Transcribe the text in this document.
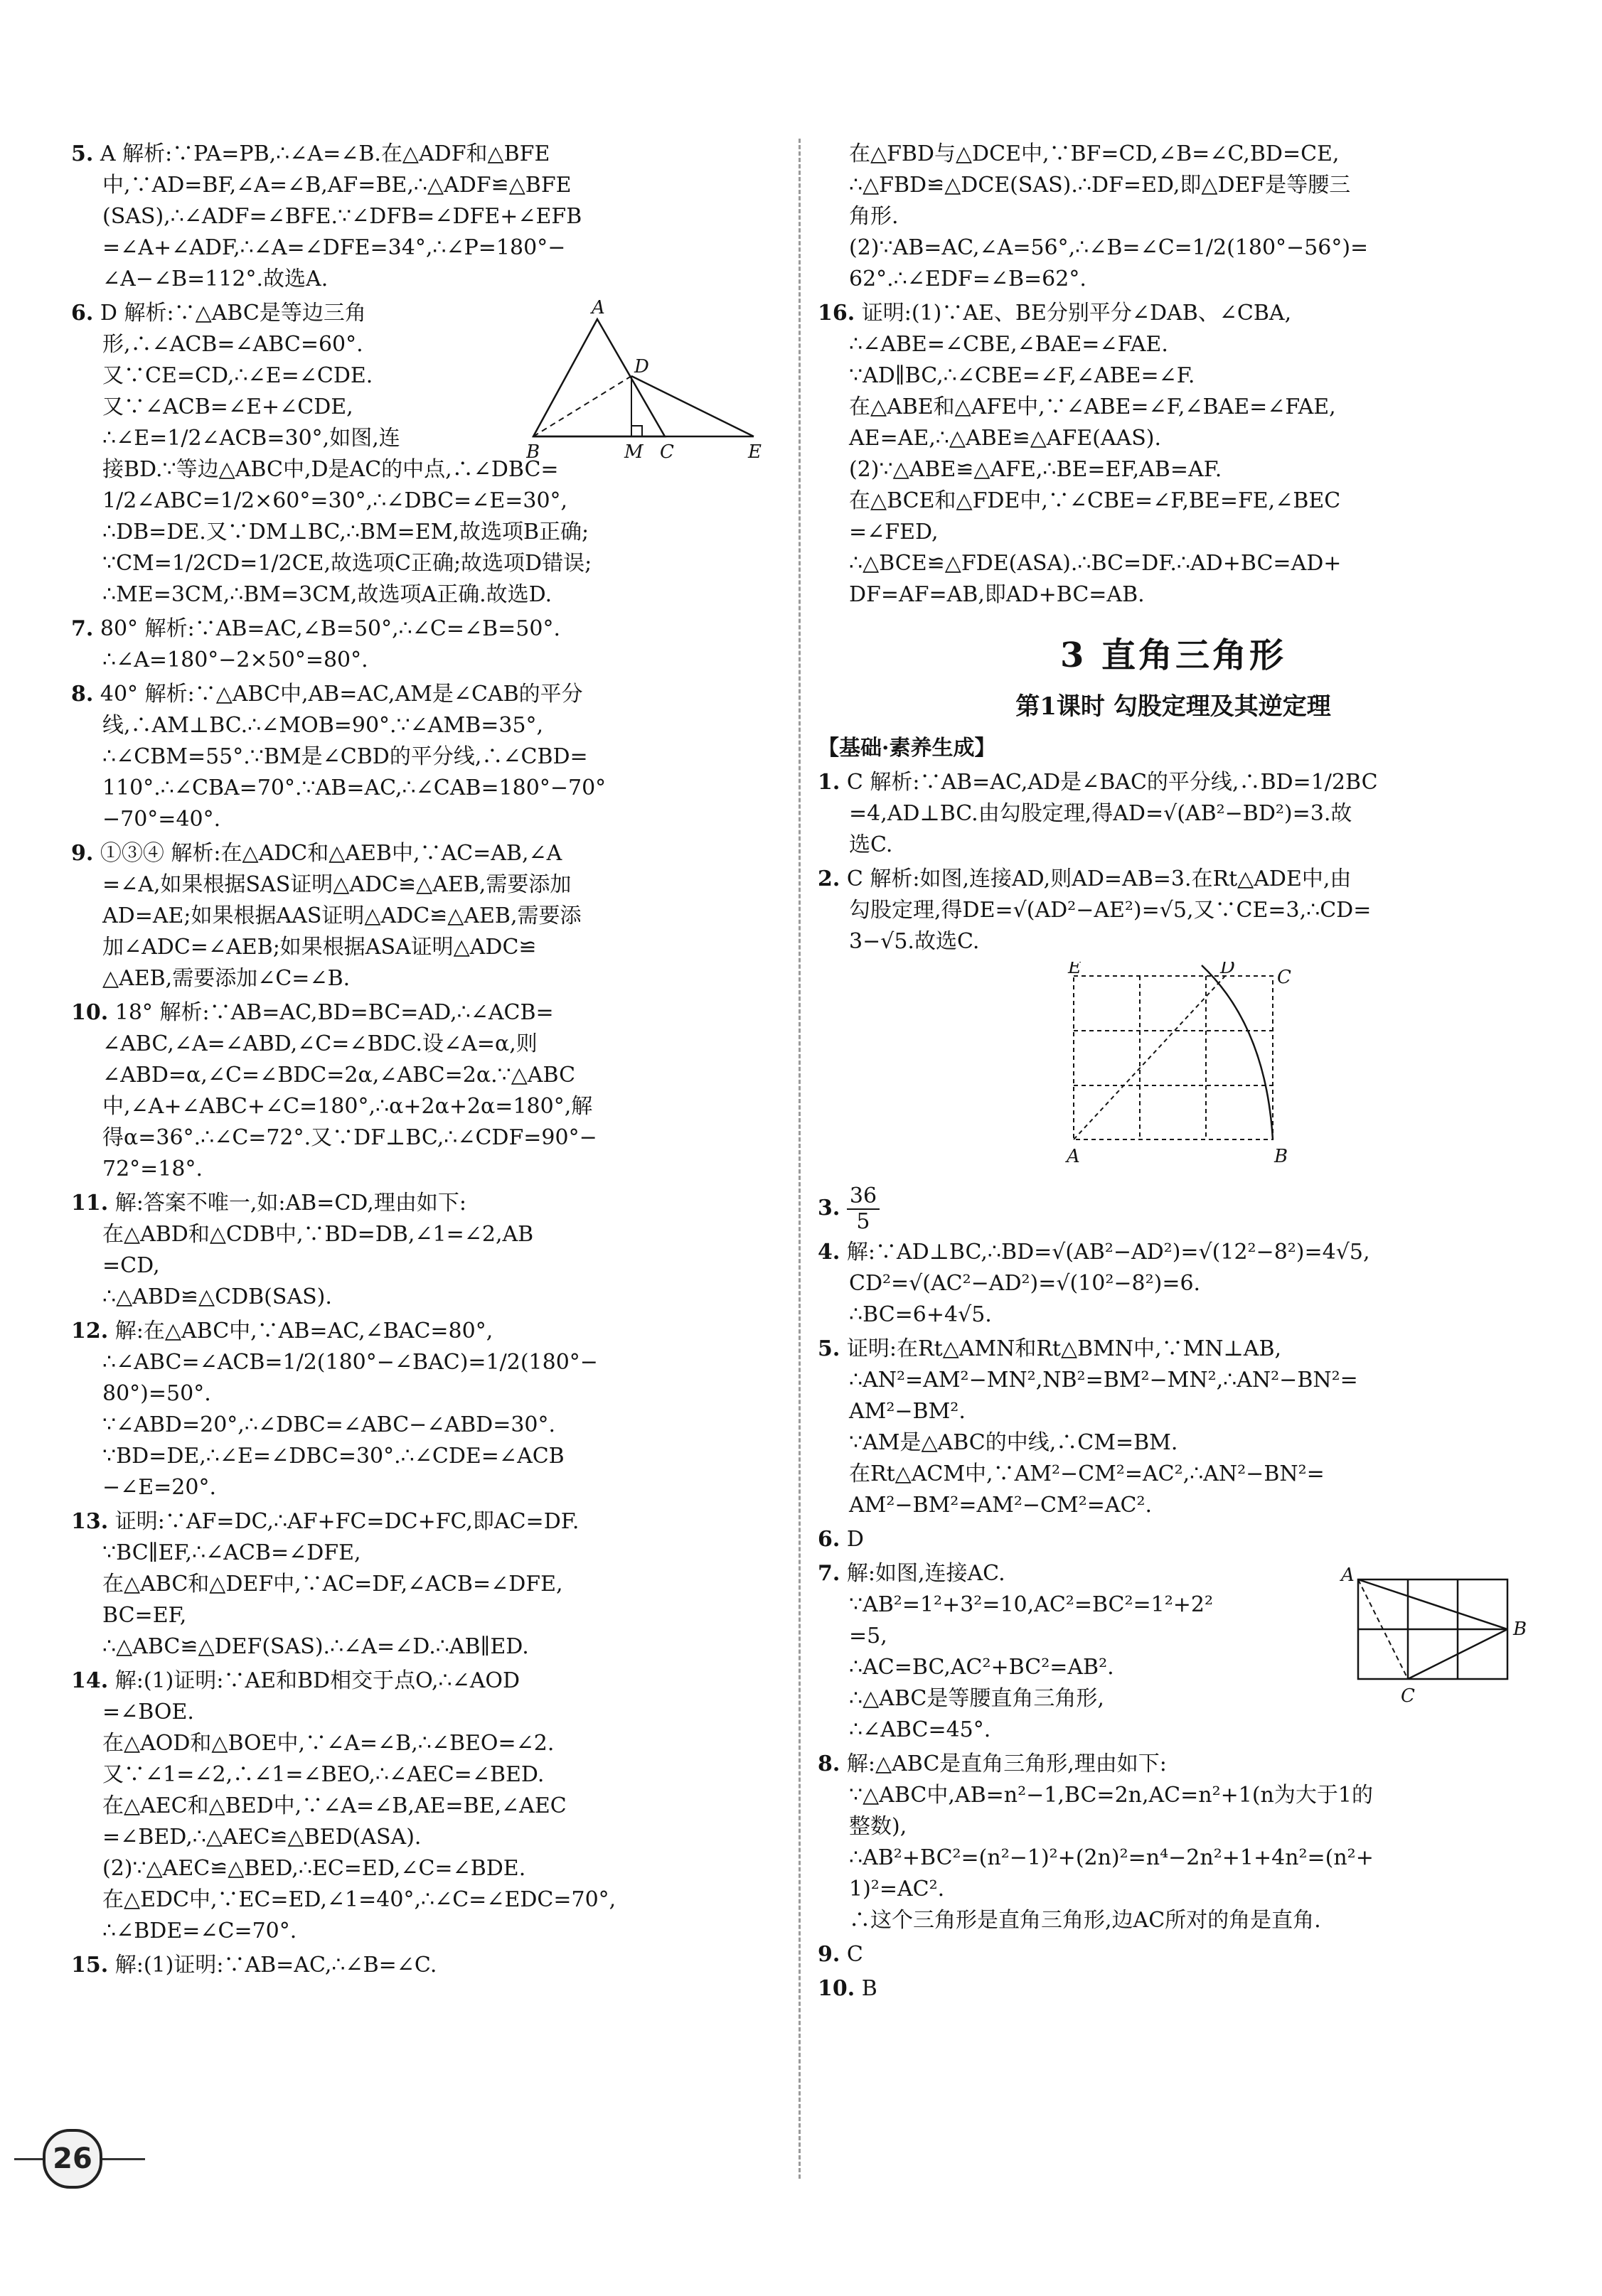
5. A 解析:∵PA=PB,∴∠A=∠B.在△ADF和△BFE

中,∵AD=BF,∠A=∠B,AF=BE,∴△ADF≌△BFE

(SAS),∴∠ADF=∠BFE.∵∠DFB=∠DFE+∠EFB

=∠A+∠ADF,∴∠A=∠DFE=34°,∴∠P=180°−

∠A−∠B=112°.故选A.

6. D 解析:∵△ABC是等边三角

形,∴∠ACB=∠ABC=60°.

又∵CE=CD,∴∠E=∠CDE.

又∵∠ACB=∠E+∠CDE,

∴∠E=1/2∠ACB=30°,如图,连

A
D
B	M C	E

接BD.∵等边△ABC中,D是AC的中点,∴∠DBC=

1/2∠ABC=1/2×60°=30°,∴∠DBC=∠E=30°,

∴DB=DE.又∵DM⊥BC,∴BM=EM,故选项B正确;

∵CM=1/2CD=1/2CE,故选项C正确;故选项D错误;

∴ME=3CM,∴BM=3CM,故选项A正确.故选D.

7. 80° 解析:∵AB=AC,∠B=50°,∴∠C=∠B=50°.

∴∠A=180°−2×50°=80°.

8. 40° 解析:∵△ABC中,AB=AC,AM是∠CAB的平分

线,∴AM⊥BC.∴∠MOB=90°.∵∠AMB=35°,

∴∠CBM=55°.∵BM是∠CBD的平分线,∴∠CBD=

110°.∴∠CBA=70°.∵AB=AC,∴∠CAB=180°−70°

−70°=40°.

9. ①③④ 解析:在△ADC和△AEB中,∵AC=AB,∠A

=∠A,如果根据SAS证明△ADC≌△AEB,需要添加

AD=AE;如果根据AAS证明△ADC≌△AEB,需要添

加∠ADC=∠AEB;如果根据ASA证明△ADC≌

△AEB,需要添加∠C=∠B.

10. 18° 解析:∵AB=AC,BD=BC=AD,∴∠ACB=

∠ABC,∠A=∠ABD,∠C=∠BDC.设∠A=α,则

∠ABD=α,∠C=∠BDC=2α,∠ABC=2α.∵△ABC

中,∠A+∠ABC+∠C=180°,∴α+2α+2α=180°,解

得α=36°.∴∠C=72°.又∵DF⊥BC,∴∠CDF=90°−

72°=18°.

11. 解:答案不唯一,如:AB=CD,理由如下:

在△ABD和△CDB中,∵BD=DB,∠1=∠2,AB

=CD,

∴△ABD≌△CDB(SAS).

12. 解:在△ABC中,∵AB=AC,∠BAC=80°,

∴∠ABC=∠ACB=1/2(180°−∠BAC)=1/2(180°−

80°)=50°.

∵∠ABD=20°,∴∠DBC=∠ABC−∠ABD=30°.

∵BD=DE,∴∠E=∠DBC=30°.∴∠CDE=∠ACB

−∠E=20°.

13. 证明:∵AF=DC,∴AF+FC=DC+FC,即AC=DF.

∵BC∥EF,∴∠ACB=∠DFE,

在△ABC和△DEF中,∵AC=DF,∠ACB=∠DFE,

BC=EF,

∴△ABC≌△DEF(SAS).∴∠A=∠D.∴AB∥ED.

14. 解:(1)证明:∵AE和BD相交于点O,∴∠AOD

=∠BOE.

在△AOD和△BOE中,∵∠A=∠B,∴∠BEO=∠2.

又∵∠1=∠2,∴∠1=∠BEO,∴∠AEC=∠BED.

在△AEC和△BED中,∵∠A=∠B,AE=BE,∠AEC

=∠BED,∴△AEC≌△BED(ASA).

(2)∵△AEC≌△BED,∴EC=ED,∠C=∠BDE.

在△EDC中,∵EC=ED,∠1=40°,∴∠C=∠EDC=70°,

∴∠BDE=∠C=70°.

15. 解:(1)证明:∵AB=AC,∴∠B=∠C.

在△FBD与△DCE中,∵BF=CD,∠B=∠C,BD=CE,

∴△FBD≌△DCE(SAS).∴DF=ED,即△DEF是等腰三

角形.

(2)∵AB=AC,∠A=56°,∴∠B=∠C=1/2(180°−56°)=

62°.∴∠EDF=∠B=62°.

16. 证明:(1)∵AE、BE分别平分∠DAB、∠CBA,

∴∠ABE=∠CBE,∠BAE=∠FAE.

∵AD∥BC,∴∠CBE=∠F,∠ABE=∠F.

在△ABE和△AFE中,∵∠ABE=∠F,∠BAE=∠FAE,

AE=AE,∴△ABE≌△AFE(AAS).

(2)∵△ABE≌△AFE,∴BE=EF,AB=AF.

在△BCE和△FDE中,∵∠CBE=∠F,BE=FE,∠BEC

=∠FED,

∴△BCE≌△FDE(ASA).∴BC=DF.∴AD+BC=AD+

DF=AF=AB,即AD+BC=AB.

3 直角三角形
第1课时 勾股定理及其逆定理
【基础·素养生成】

1. C 解析:∵AB=AC,AD是∠BAC的平分线,∴BD=1/2BC

=4,AD⊥BC.由勾股定理,得AD=√(AB²−BD²)=3.故

选C.

2. C 解析:如图,连接AD,则AD=AB=3.在Rt△ADE中,由

勾股定理,得DE=√(AD²−AE²)=√5,又∵CE=3,∴CD=

3−√5.故选C.

E	D C
A	B

3. $\frac{36}{5}$

4. 解:∵AD⊥BC,∴BD=√(AB²−AD²)=√(12²−8²)=4√5,

CD²=√(AC²−AD²)=√(10²−8²)=6.

∴BC=6+4√5.

5. 证明:在Rt△AMN和Rt△BMN中,∵MN⊥AB,

∴AN²=AM²−MN²,NB²=BM²−MN²,∴AN²−BN²=

AM²−BM².

∵AM是△ABC的中线,∴CM=BM.

在Rt△ACM中,∵AM²−CM²=AC²,∴AN²−BN²=

AM²−BM²=AM²−CM²=AC².

6. D

7. 解:如图,连接AC.

∵AB²=1²+3²=10,AC²=BC²=1²+2²

=5,

∴AC=BC,AC²+BC²=AB².

∴△ABC是等腰直角三角形,

∴∠ABC=45°.

A
B
C

8. 解:△ABC是直角三角形,理由如下:

∵△ABC中,AB=n²−1,BC=2n,AC=n²+1(n为大于1的

整数),

∴AB²+BC²=(n²−1)²+(2n)²=n⁴−2n²+1+4n²=(n²+

1)²=AC².

∴这个三角形是直角三角形,边AC所对的角是直角.

9. C

10. B

26
